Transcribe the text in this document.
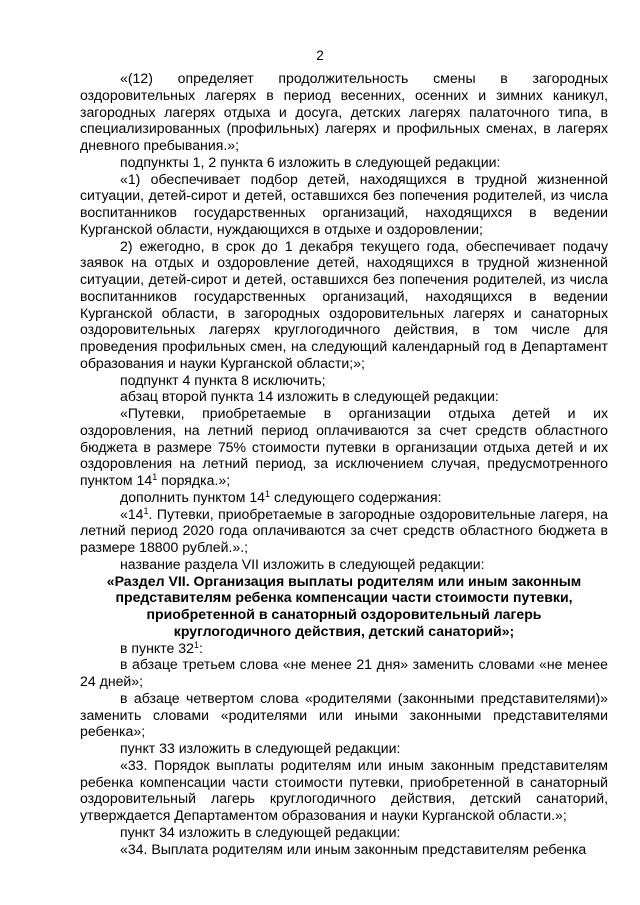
2

«(12) определяет продолжительность смены в загородных оздоровительных лагерях в период весенних, осенних и зимних каникул, загородных лагерях отдыха и досуга, детских лагерях палаточного типа, в специализированных (профильных) лагерях и профильных сменах, в лагерях дневного пребывания.»;

подпункты 1, 2 пункта 6 изложить в следующей редакции:

«1) обеспечивает подбор детей, находящихся в трудной жизненной ситуации, детей-сирот и детей, оставшихся без попечения родителей, из числа воспитанников государственных организаций, находящихся в ведении Курганской области, нуждающихся в отдыхе и оздоровлении;

2) ежегодно, в срок до 1 декабря текущего года, обеспечивает подачу заявок на отдых и оздоровление детей, находящихся в трудной жизненной ситуации, детей-сирот и детей, оставшихся без попечения родителей, из числа воспитанников государственных организаций, находящихся в ведении Курганской области, в загородных оздоровительных лагерях и санаторных оздоровительных лагерях круглогодичного действия, в том числе для проведения профильных смен, на следующий календарный год в Департамент образования и науки Курганской области;»;

подпункт 4 пункта 8 исключить;

абзац второй пункта 14 изложить в следующей редакции:

«Путевки, приобретаемые в организации отдыха детей и их оздоровления, на летний период оплачиваются за счет средств областного бюджета в размере 75% стоимости путевки в организации отдыха детей и их оздоровления на летний период, за исключением случая, предусмотренного пунктом $14^1$ порядка.»;

дополнить пунктом $14^1$ следующего содержания:

«$14^1$. Путевки, приобретаемые в загородные оздоровительные лагеря, на летний период 2020 года оплачиваются за счет средств областного бюджета в размере 18800 рублей.».;

название раздела VII изложить в следующей редакции:

«Раздел VII. Организация выплаты родителям или иным законным представителям ребенка компенсации части стоимости путевки, приобретенной в санаторный оздоровительный лагерь круглогодичного действия, детский санаторий»;

в пункте $32^1$:

в абзаце третьем слова «не менее 21 дня» заменить словами «не менее 24 дней»;

в абзаце четвертом слова «родителями (законными представителями)» заменить словами «родителями или иными законными представителями ребенка»;

пункт 33 изложить в следующей редакции:

«33. Порядок выплаты родителям или иным законным представителям ребенка компенсации части стоимости путевки, приобретенной в санаторный оздоровительный лагерь круглогодичного действия, детский санаторий, утверждается Департаментом образования и науки Курганской области.»;

пункт 34 изложить в следующей редакции:

«34. Выплата родителям или иным законным представителям ребенка
